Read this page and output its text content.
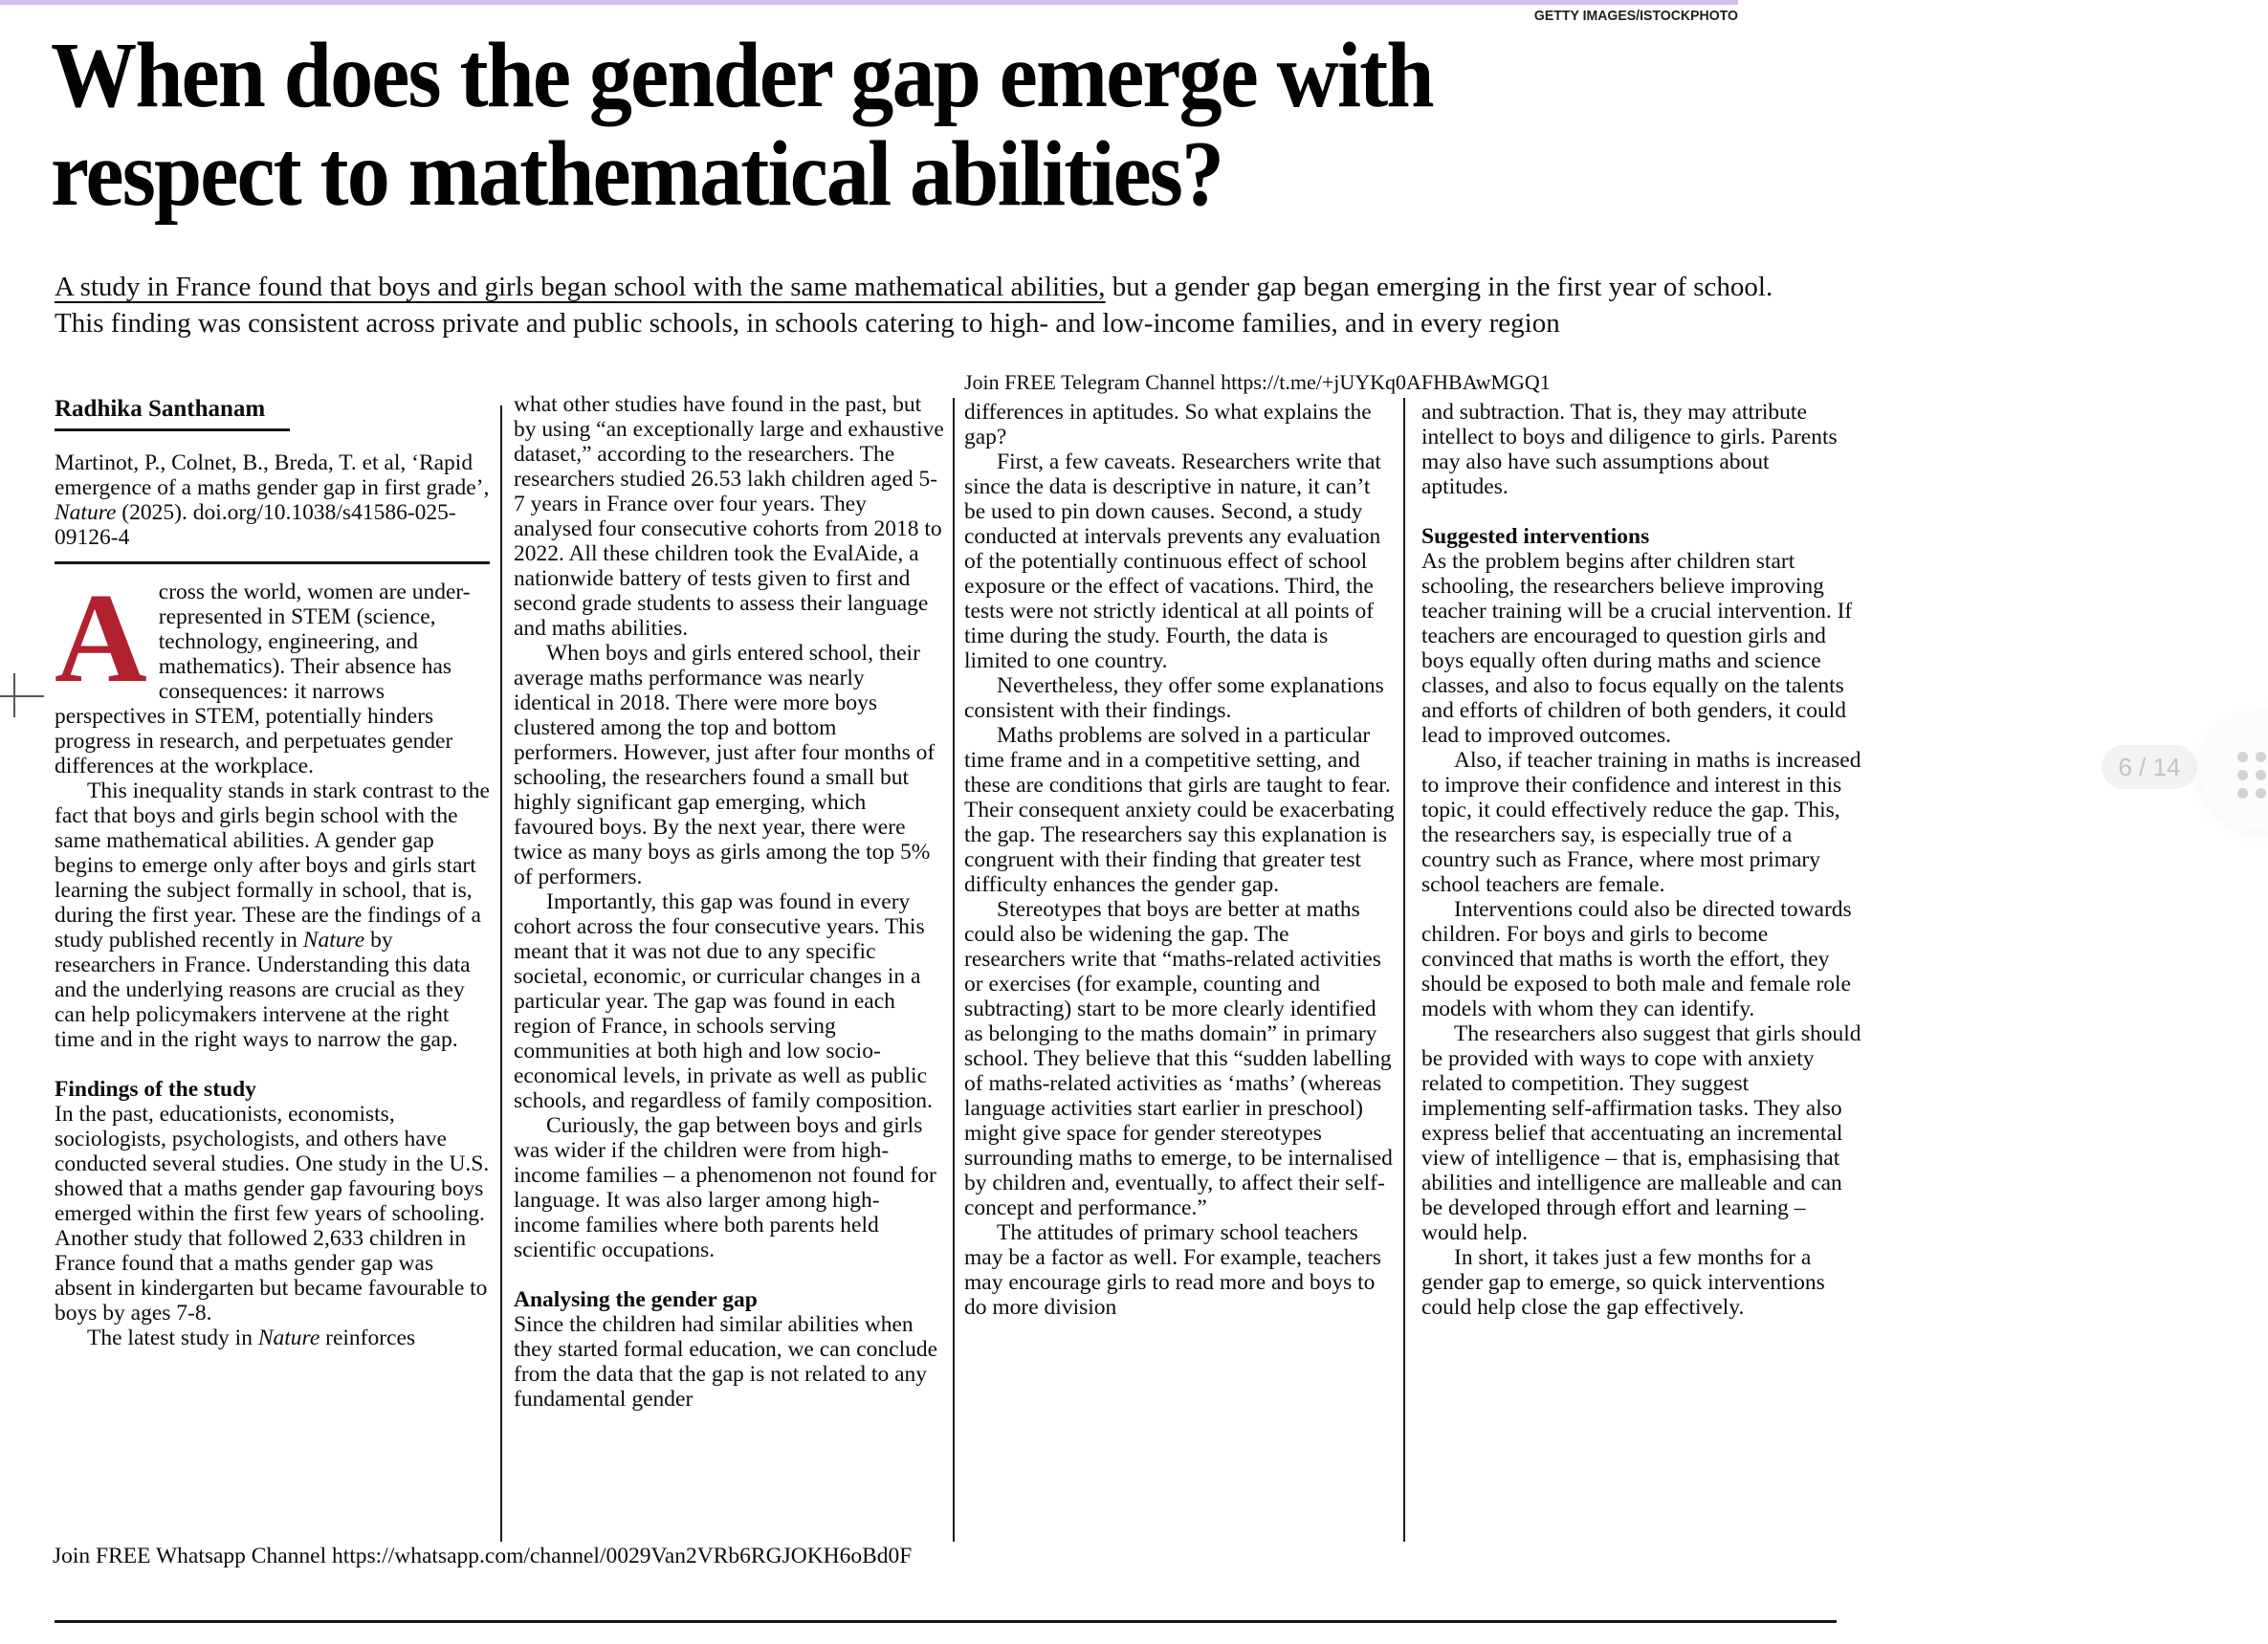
GETTY IMAGES/ISTOCKPHOTO
When does the gender gap emerge with
respect to mathematical abilities?

A study in France found that boys and girls began school with the same mathematical abilities, but a gender gap began emerging in the first year of school. This finding was consistent across private and public schools, in schools catering to high- and low-income families, and in every region

Radhika Santhanam

Martinot, P., Colnet, B., Breda, T. et al, ‘Rapid emergence of a maths gender gap in first grade’, Nature (2025). doi.org/10.1038/s41586-025-09126-4

Across the world, women are under-represented in STEM (science, technology, engineering, and mathematics). Their absence has consequences: it narrows perspectives in STEM, potentially hinders progress in research, and perpetuates gender differences at the workplace.

This inequality stands in stark contrast to the fact that boys and girls begin school with the same mathematical abilities. A gender gap begins to emerge only after boys and girls start learning the subject formally in school, that is, during the first year. These are the findings of a study published recently in Nature by researchers in France. Understanding this data and the underlying reasons are crucial as they can help policymakers intervene at the right time and in the right ways to narrow the gap.

Findings of the study

In the past, educationists, economists, sociologists, psychologists, and others have conducted several studies. One study in the U.S. showed that a maths gender gap favouring boys emerged within the first few years of schooling. Another study that followed 2,633 children in France found that a maths gender gap was absent in kindergarten but became favourable to boys by ages 7-8.

The latest study in Nature reinforces

what other studies have found in the past, but by using “an exceptionally large and exhaustive dataset,” according to the researchers. The researchers studied 26.53 lakh children aged 5-7 years in France over four years. They analysed four consecutive cohorts from 2018 to 2022. All these children took the EvalAide, a nationwide battery of tests given to first and second grade students to assess their language and maths abilities.

When boys and girls entered school, their average maths performance was nearly identical in 2018. There were more boys clustered among the top and bottom performers. However, just after four months of schooling, the researchers found a small but highly significant gap emerging, which favoured boys. By the next year, there were twice as many boys as girls among the top 5% of performers.

Importantly, this gap was found in every cohort across the four consecutive years. This meant that it was not due to any specific societal, economic, or curricular changes in a particular year. The gap was found in each region of France, in schools serving communities at both high and low socio-economical levels, in private as well as public schools, and regardless of family composition.

Curiously, the gap between boys and girls was wider if the children were from high-income families – a phenomenon not found for language. It was also larger among high-income families where both parents held scientific occupations.

Analysing the gender gap

Since the children had similar abilities when they started formal education, we can conclude from the data that the gap is not related to any fundamental gender

Join FREE Telegram Channel https://t.me/+jUYKq0AFHBAwMGQ1

differences in aptitudes. So what explains the gap?

First, a few caveats. Researchers write that since the data is descriptive in nature, it can’t be used to pin down causes. Second, a study conducted at intervals prevents any evaluation of the potentially continuous effect of school exposure or the effect of vacations. Third, the tests were not strictly identical at all points of time during the study. Fourth, the data is limited to one country.

Nevertheless, they offer some explanations consistent with their findings.

Maths problems are solved in a particular time frame and in a competitive setting, and these are conditions that girls are taught to fear. Their consequent anxiety could be exacerbating the gap. The researchers say this explanation is congruent with their finding that greater test difficulty enhances the gender gap.

Stereotypes that boys are better at maths could also be widening the gap. The researchers write that “maths-related activities or exercises (for example, counting and subtracting) start to be more clearly identified as belonging to the maths domain” in primary school. They believe that this “sudden labelling of maths-related activities as ‘maths’ (whereas language activities start earlier in preschool) might give space for gender stereotypes surrounding maths to emerge, to be internalised by children and, eventually, to affect their self-concept and performance.”

The attitudes of primary school teachers may be a factor as well. For example, teachers may encourage girls to read more and boys to do more division

and subtraction. That is, they may attribute intellect to boys and diligence to girls. Parents may also have such assumptions about aptitudes.

Suggested interventions

As the problem begins after children start schooling, the researchers believe improving teacher training will be a crucial intervention. If teachers are encouraged to question girls and boys equally often during maths and science classes, and also to focus equally on the talents and efforts of children of both genders, it could lead to improved outcomes.

Also, if teacher training in maths is increased to improve their confidence and interest in this topic, it could effectively reduce the gap. This, the researchers say, is especially true of a country such as France, where most primary school teachers are female.

Interventions could also be directed towards children. For boys and girls to become convinced that maths is worth the effort, they should be exposed to both male and female role models with whom they can identify.

The researchers also suggest that girls should be provided with ways to cope with anxiety related to competition. They suggest implementing self-affirmation tasks. They also express belief that accentuating an incremental view of intelligence – that is, emphasising that abilities and intelligence are malleable and can be developed through effort and learning – would help.

In short, it takes just a few months for a gender gap to emerge, so quick interventions could help close the gap effectively.

Join FREE Whatsapp Channel https://whatsapp.com/channel/0029Van2VRb6RGJOKH6oBd0F
6 / 14
